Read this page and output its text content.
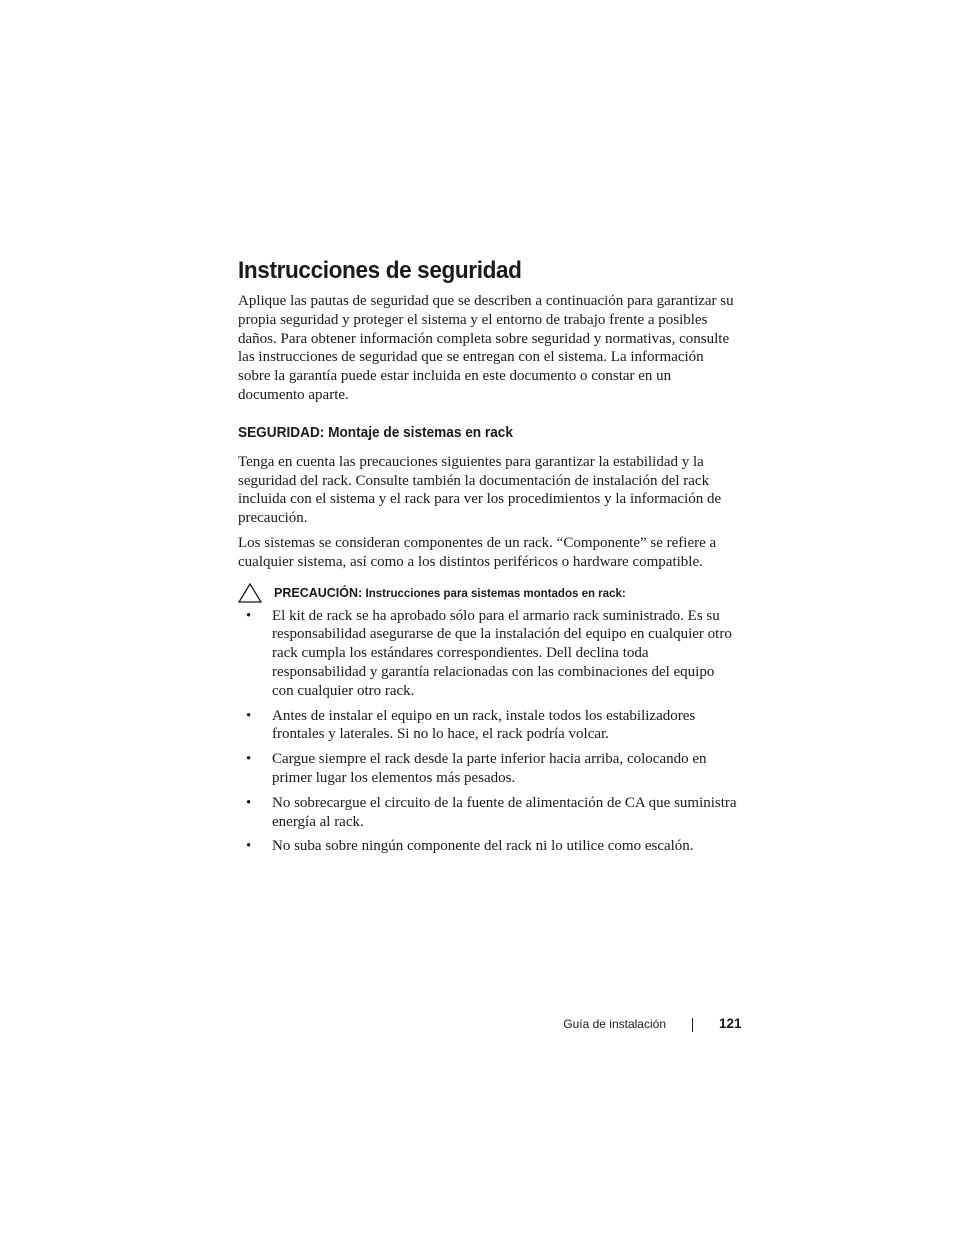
Instrucciones de seguridad

Aplique las pautas de seguridad que se describen a continuación para garantizar su propia seguridad y proteger el sistema y el entorno de trabajo frente a posibles daños. Para obtener información completa sobre seguridad y normativas, consulte las instrucciones de seguridad que se entregan con el sistema. La información sobre la garantía puede estar incluida en este documento o constar en un documento aparte.

SEGURIDAD: Montaje de sistemas en rack

Tenga en cuenta las precauciones siguientes para garantizar la estabilidad y la seguridad del rack. Consulte también la documentación de instalación del rack incluida con el sistema y el rack para ver los procedimientos y la información de precaución.

Los sistemas se consideran componentes de un rack. “Componente” se refiere a cualquier sistema, así como a los distintos periféricos o hardware compatible.

PRECAUCIÓN: Instrucciones para sistemas montados en rack:
• El kit de rack se ha aprobado sólo para el armario rack suministrado. Es su responsabilidad asegurarse de que la instalación del equipo en cualquier otro rack cumpla los estándares correspondientes. Dell declina toda responsabilidad y garantía relacionadas con las combinaciones del equipo con cualquier otro rack.
• Antes de instalar el equipo en un rack, instale todos los estabilizadores frontales y laterales. Si no lo hace, el rack podría volcar.
• Cargue siempre el rack desde la parte inferior hacia arriba, colocando en primer lugar los elementos más pesados.
• No sobrecargue el circuito de la fuente de alimentación de CA que suministra energía al rack.
• No suba sobre ningún componente del rack ni lo utilice como escalón.
Guía de instalación	121
